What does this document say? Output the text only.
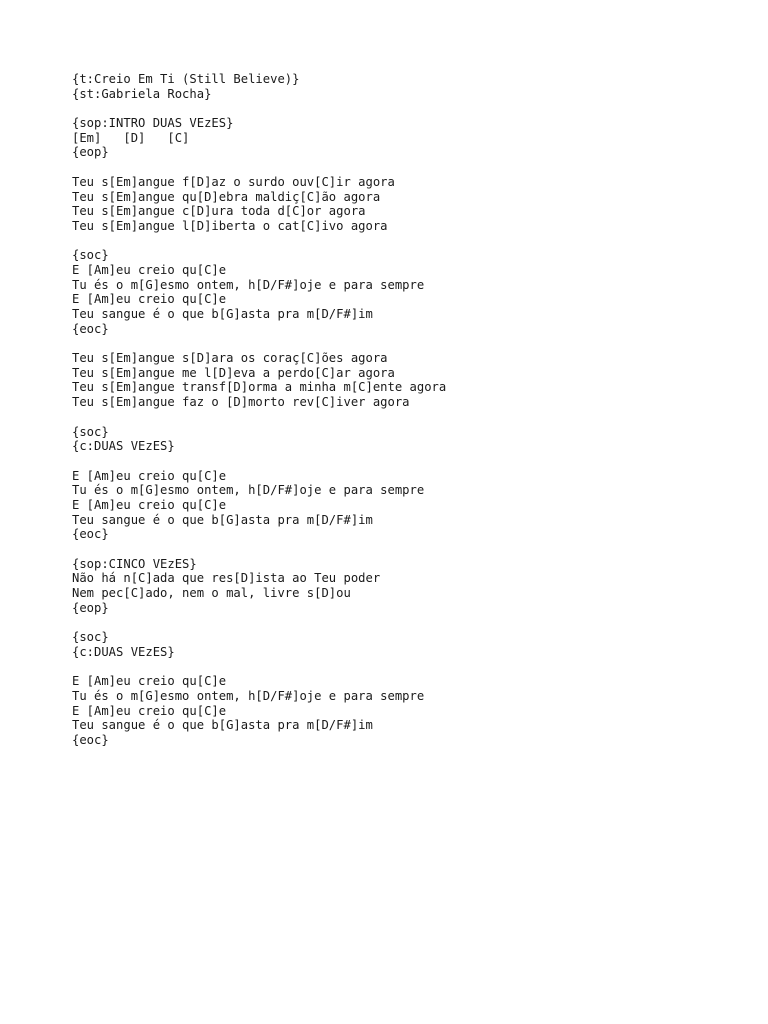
{t:Creio Em Ti (Still Believe)}
{st:Gabriela Rocha}
{sop:INTRO DUAS VEzES}
[Em]   [D]   [C]
{eop}
Teu s[Em]angue f[D]az o surdo ouv[C]ir agora
Teu s[Em]angue qu[D]ebra maldiç[C]ão agora
Teu s[Em]angue c[D]ura toda d[C]or agora
Teu s[Em]angue l[D]iberta o cat[C]ivo agora
{soc}
E [Am]eu creio qu[C]e
Tu és o m[G]esmo ontem, h[D/F#]oje e para sempre
E [Am]eu creio qu[C]e
Teu sangue é o que b[G]asta pra m[D/F#]im
{eoc}
Teu s[Em]angue s[D]ara os coraç[C]ões agora
Teu s[Em]angue me l[D]eva a perdo[C]ar agora
Teu s[Em]angue transf[D]orma a minha m[C]ente agora
Teu s[Em]angue faz o [D]morto rev[C]iver agora
{soc}
{c:DUAS VEzES}
E [Am]eu creio qu[C]e
Tu és o m[G]esmo ontem, h[D/F#]oje e para sempre
E [Am]eu creio qu[C]e
Teu sangue é o que b[G]asta pra m[D/F#]im
{eoc}
{sop:CINCO VEzES}
Não há n[C]ada que res[D]ista ao Teu poder
Nem pec[C]ado, nem o mal, livre s[D]ou
{eop}
{soc}
{c:DUAS VEzES}
E [Am]eu creio qu[C]e
Tu és o m[G]esmo ontem, h[D/F#]oje e para sempre
E [Am]eu creio qu[C]e
Teu sangue é o que b[G]asta pra m[D/F#]im
{eoc}
